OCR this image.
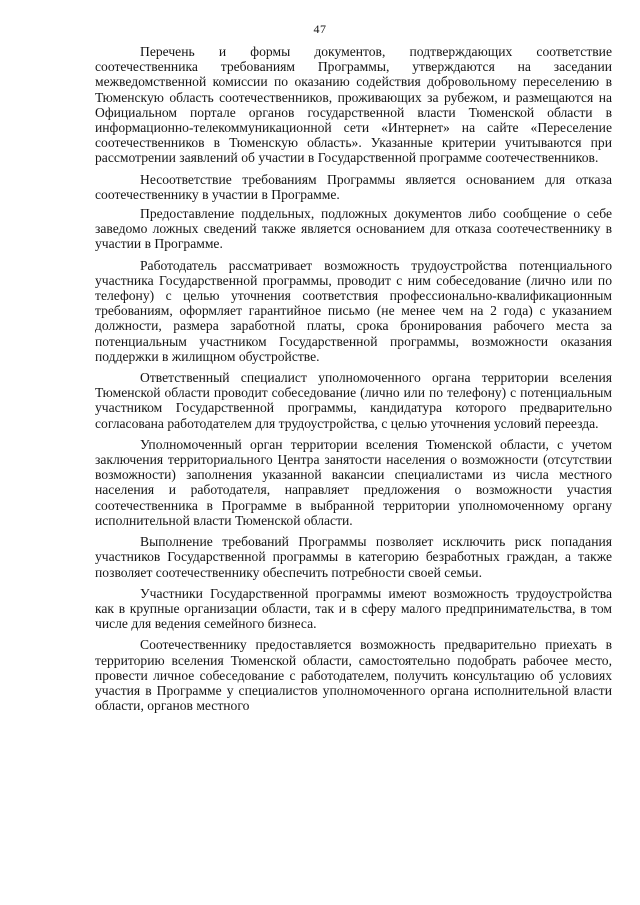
47

Перечень и формы документов, подтверждающих соответствие соотечественника требованиям Программы, утверждаются на заседании межведомственной комиссии по оказанию содействия добровольному переселению в Тюменскую область соотечественников, проживающих за рубежом, и размещаются на Официальном портале органов государственной власти Тюменской области в информационно-телекоммуникационной сети «Интернет» на сайте «Переселение соотечественников в Тюменскую область». Указанные критерии учитываются при рассмотрении заявлений об участии в Государственной программе соотечественников.

Несоответствие требованиям Программы является основанием для отказа соотечественнику в участии в Программе.

Предоставление поддельных, подложных документов либо сообщение о себе заведомо ложных сведений также является основанием для отказа соотечественнику в участии в Программе.

Работодатель рассматривает возможность трудоустройства потенциального участника Государственной программы, проводит с ним собеседование (лично или по телефону) с целью уточнения соответствия профессионально-квалификационным требованиям, оформляет гарантийное письмо (не менее чем на 2 года) с указанием должности, размера заработной платы, срока бронирования рабочего места за потенциальным участником Государственной программы, возможности оказания поддержки в жилищном обустройстве.

Ответственный специалист уполномоченного органа территории вселения Тюменской области проводит собеседование (лично или по телефону) с потенциальным участником Государственной программы, кандидатура которого предварительно согласована работодателем для трудоустройства, с целью уточнения условий переезда.

Уполномоченный орган территории вселения Тюменской области, с учетом заключения территориального Центра занятости населения о возможности (отсутствии возможности) заполнения указанной вакансии специалистами из числа местного населения и работодателя, направляет предложения о возможности участия соотечественника в Программе в выбранной территории уполномоченному органу исполнительной власти Тюменской области.

Выполнение требований Программы позволяет исключить риск попадания участников Государственной программы в категорию безработных граждан, а также позволяет соотечественнику обеспечить потребности своей семьи.

Участники Государственной программы имеют возможность трудоустройства как в крупные организации области, так и в сферу малого предпринимательства, в том числе для ведения семейного бизнеса.

Соотечественнику предоставляется возможность предварительно приехать в территорию вселения Тюменской области, самостоятельно подобрать рабочее место, провести личное собеседование с работодателем, получить консультацию об условиях участия в Программе у специалистов уполномоченного органа исполнительной власти области, органов местного
